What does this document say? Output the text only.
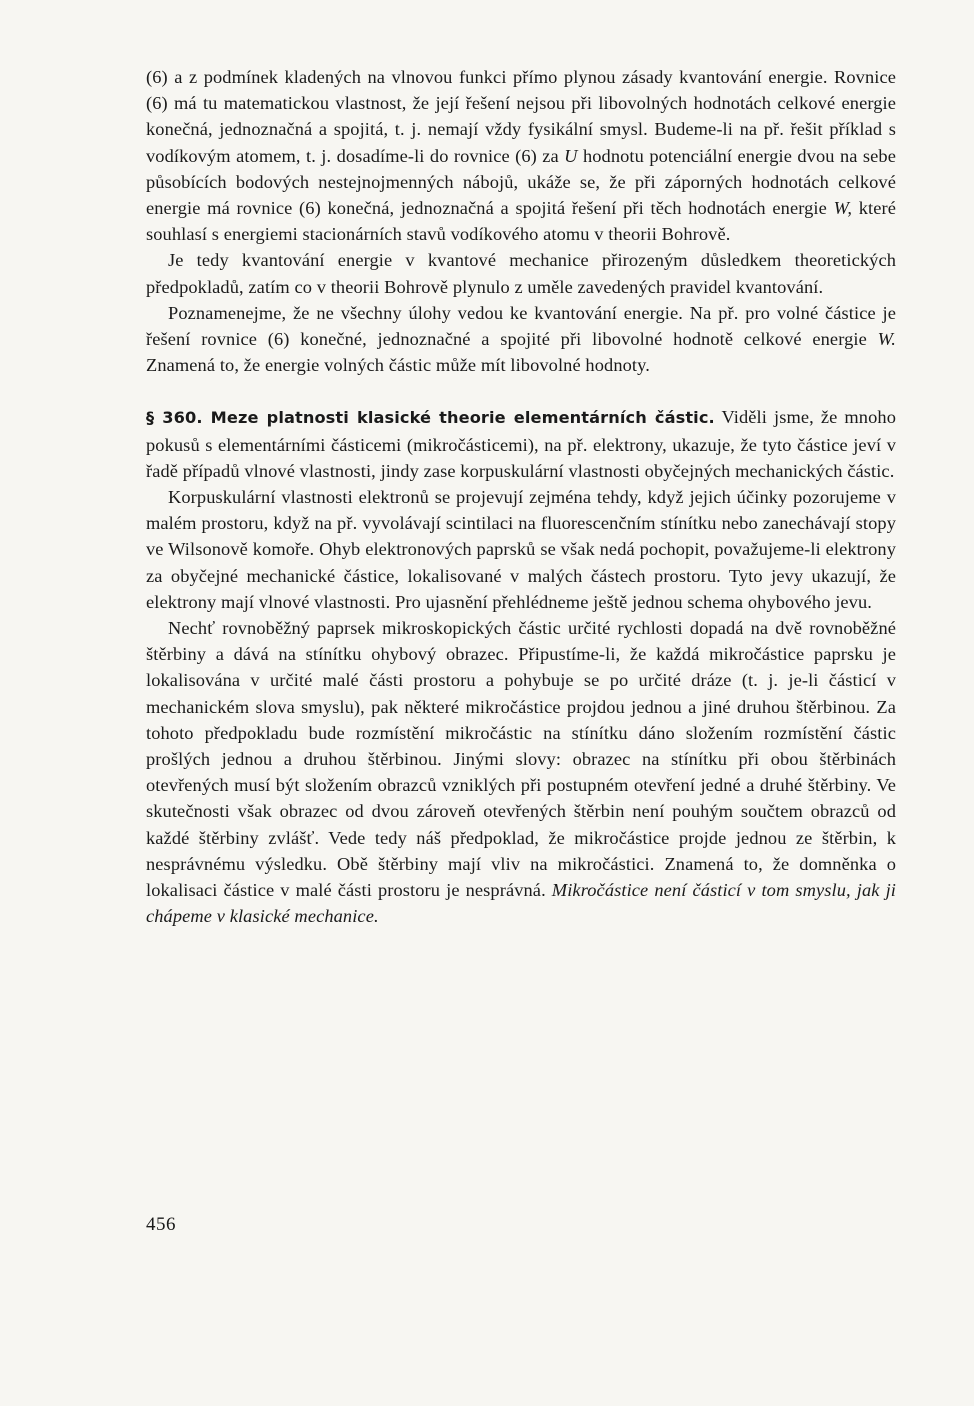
(6) a z podmínek kladených na vlnovou funkci přímo plynou zásady kvantování energie. Rovnice (6) má tu matematickou vlastnost, že její řešení nejsou při libovolných hodnotách celkové energie konečná, jednoznačná a spojitá, t. j. nemají vždy fysikální smysl. Budeme-li na př. řešit příklad s vodíkovým atomem, t. j. dosadíme-li do rovnice (6) za U hodnotu potenciální energie dvou na sebe působících bodových nestejnojmenných nábojů, ukáže se, že při záporných hodnotách celkové energie má rovnice (6) konečná, jednoznačná a spojitá řešení při těch hodnotách energie W, které souhlasí s energiemi stacionárních stavů vodíkového atomu v theorii Bohrově.

Je tedy kvantování energie v kvantové mechanice přirozeným důsledkem theoretických předpokladů, zatím co v theorii Bohrově plynulo z uměle zavedených pravidel kvantování.

Poznamenejme, že ne všechny úlohy vedou ke kvantování energie. Na př. pro volné částice je řešení rovnice (6) konečné, jednoznačné a spojité při libovolné hodnotě celkové energie W. Znamená to, že energie volných částic může mít libovolné hodnoty.

§ 360. Meze platnosti klasické theorie elementárních částic. Viděli jsme, že mnoho pokusů s elementárními částicemi (mikročásticemi), na př. elektrony, ukazuje, že tyto částice jeví v řadě případů vlnové vlastnosti, jindy zase korpuskulární vlastnosti obyčejných mechanických částic.

Korpuskulární vlastnosti elektronů se projevují zejména tehdy, když jejich účinky pozorujeme v malém prostoru, když na př. vyvolávají scintilaci na fluorescenčním stínítku nebo zanechávají stopy ve Wilsonově komoře. Ohyb elektronových paprsků se však nedá pochopit, považujeme-li elektrony za obyčejné mechanické částice, lokalisované v malých částech prostoru. Tyto jevy ukazují, že elektrony mají vlnové vlastnosti. Pro ujasnění přehlédneme ještě jednou schema ohybového jevu.

Nechť rovnoběžný paprsek mikroskopických částic určité rychlosti dopadá na dvě rovnoběžné štěrbiny a dává na stínítku ohybový obrazec. Připustíme-li, že každá mikročástice paprsku je lokalisována v určité malé části prostoru a pohybuje se po určité dráze (t. j. je-li částicí v mechanickém slova smyslu), pak některé mikročástice projdou jednou a jiné druhou štěrbinou. Za tohoto předpokladu bude rozmístění mikročástic na stínítku dáno složením rozmístění částic prošlých jednou a druhou štěrbinou. Jinými slovy: obrazec na stínítku při obou štěrbinách otevřených musí být složením obrazců vzniklých při postupném otevření jedné a druhé štěrbiny. Ve skutečnosti však obrazec od dvou zároveň otevřených štěrbin není pouhým součtem obrazců od každé štěrbiny zvlášť. Vede tedy náš předpoklad, že mikročástice projde jednou ze štěrbin, k nesprávnému výsledku. Obě štěrbiny mají vliv na mikročástici. Znamená to, že domněnka o lokalisaci částice v malé části prostoru je nesprávná. Mikročástice není částicí v tom smyslu, jak ji chápeme v klasické mechanice.

456
